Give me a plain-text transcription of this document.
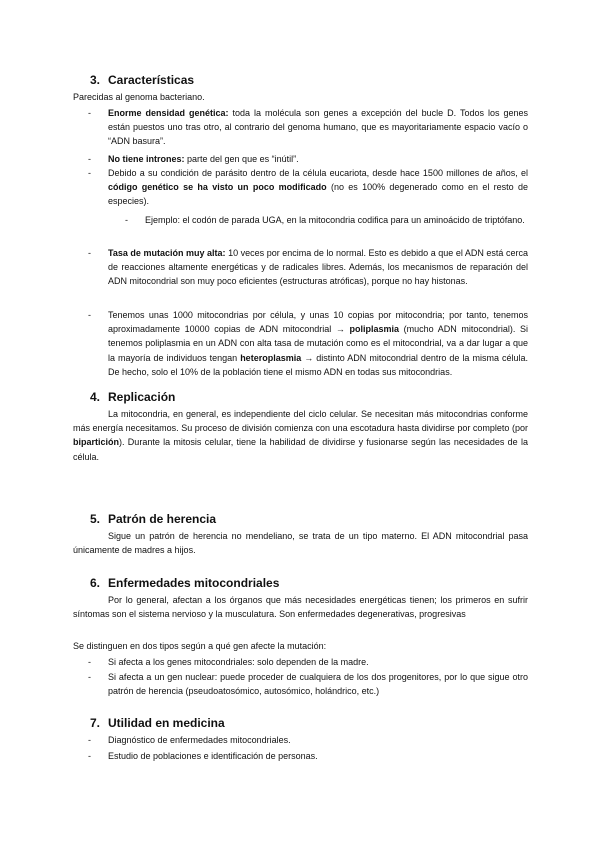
3. Características
Parecidas al genoma bacteriano.
- Enorme densidad genética: toda la molécula son genes a excepción del bucle D. Todos los genes están puestos uno tras otro, al contrario del genoma humano, que es mayoritariamente espacio vacío o “ADN basura”.
- No tiene intrones: parte del gen que es “inútil”.
- Debido a su condición de parásito dentro de la célula eucariota, desde hace 1500 millones de años, el código genético se ha visto un poco modificado (no es 100% degenerado como en el resto de especies).
- Ejemplo: el codón de parada UGA, en la mitocondria codifica para un aminoácido de triptófano.
- Tasa de mutación muy alta: 10 veces por encima de lo normal. Esto es debido a que el ADN está cerca de reacciones altamente energéticas y de radicales libres. Además, los mecanismos de reparación del ADN mitocondrial son muy poco eficientes (estructuras atróficas), porque no hay histonas.
- Tenemos unas 1000 mitocondrias por célula, y unas 10 copias por mitocondria; por tanto, tenemos aproximadamente 10000 copias de ADN mitocondrial → poliplasmia (mucho ADN mitocondrial). Si tenemos poliplasmia en un ADN con alta tasa de mutación como es el mitocondrial, va a dar lugar a que la mayoría de individuos tengan heteroplasmia → distinto ADN mitocondrial dentro de la misma célula. De hecho, solo el 10% de la población tiene el mismo ADN en todas sus mitocondrias.
4. Replicación
La mitocondria, en general, es independiente del ciclo celular. Se necesitan más mitocondrias conforme más energía necesitamos. Su proceso de división comienza con una escotadura hasta dividirse por completo (por bipartición). Durante la mitosis celular, tiene la habilidad de dividirse y fusionarse según las necesidades de la célula.
5. Patrón de herencia
Sigue un patrón de herencia no mendeliano, se trata de un tipo materno. El ADN mitocondrial pasa únicamente de madres a hijos.
6. Enfermedades mitocondriales
Por lo general, afectan a los órganos que más necesidades energéticas tienen; los primeros en sufrir síntomas son el sistema nervioso y la musculatura. Son enfermedades degenerativas, progresivas
Se distinguen en dos tipos según a qué gen afecte la mutación:
- Si afecta a los genes mitocondriales: solo dependen de la madre.
- Si afecta a un gen nuclear: puede proceder de cualquiera de los dos progenitores, por lo que sigue otro patrón de herencia (pseudoatosómico, autosómico, holándrico, etc.)
7. Utilidad en medicina
- Diagnóstico de enfermedades mitocondriales.
- Estudio de poblaciones e identificación de personas.
